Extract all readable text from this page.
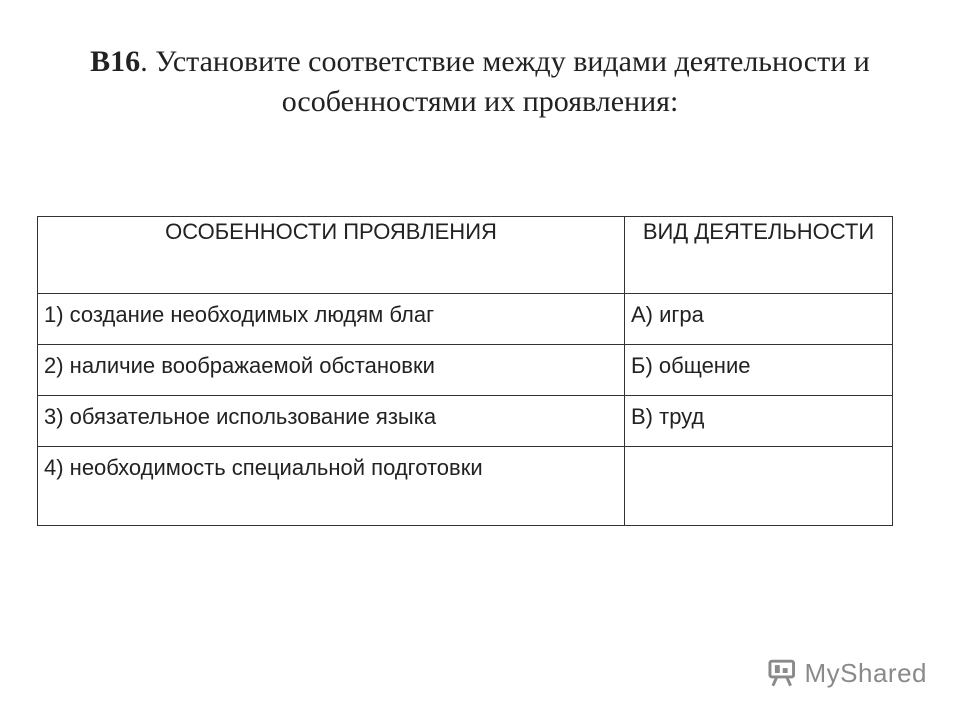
B16. Установите соответствие между видами деятельности и особенностями их проявления:
ОСОБЕННОСТИ ПРОЯВЛЕНИЯ	ВИД ДЕЯТЕЛЬНОСТИ
1) создание необходимых людям благ	А) игра
2) наличие воображаемой обстановки	Б) общение
3) обязательное использование языка	В) труд
4) необходимость специальной подготовки	
MyShared
